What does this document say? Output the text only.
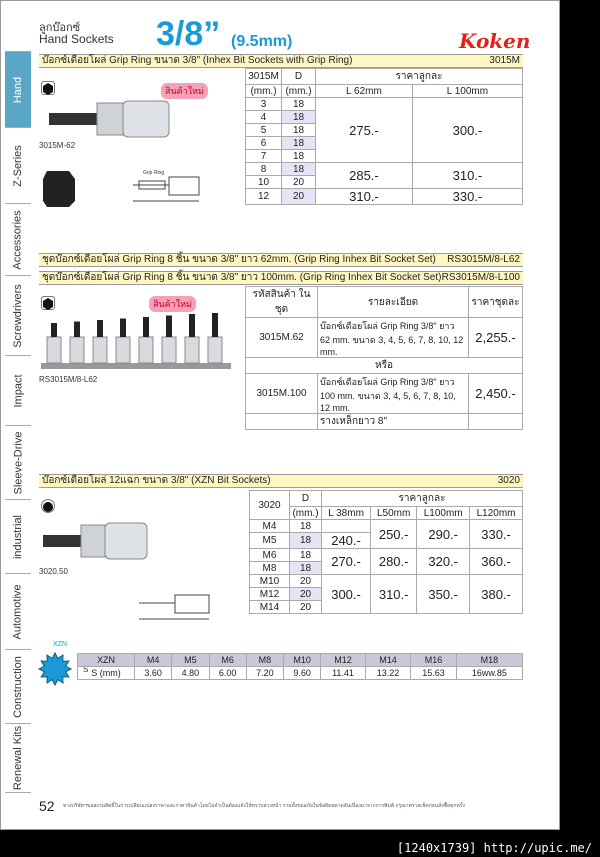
Hand
Z-Series
Accessories
Screwdrivers
Impact
Sleeve-Drive
industrial
Automotive
Construction
Renewal Kits
ลูกบ๊อกซ์
Hand Sockets 3/8” (9.5mm)	Koken
บ๊อกซ์เดือยโผล่ Grip Ring ขนาด 3/8" (Inhex Bit Sockets with Grip Ring)	3015M
สินค้าใหม่
3015M-62
Grip Ring
3015M	D	ราคาลูกละ	
(mm.)	(mm.)	L 62mm	L 100mm
3	18	275.-	300.-
4	18		
5	18		
6	18		
7	18		
8	18	285.-	310.-
10	20		
12	20	310.-	330.-
ชุดบ๊อกซ์เดือยโผล่ Grip Ring 8 ชิ้น ขนาด 3/8" ยาว 62mm. (Grip Ring Inhex Bit Socket Set) RS3015M/8-L62
ชุดบ๊อกซ์เดือยโผล่ Grip Ring 8 ชิ้น ขนาด 3/8" ยาว 100mm. (Grip Ring Inhex Bit Socket Set) RS3015M/8-L100
สินค้าใหม่
RS3015M/8-L62
รหัสสินค้า ในชุด	รายละเอียด	ราคาชุดละ
3015M.62	บ๊อกซ์เดือยโผล่ Grip Ring 3/8" ยาว 62 mm. ขนาด 3, 4, 5, 6, 7, 8, 10, 12 mm.	2,255.-
หรือ		
3015M.100	บ๊อกซ์เดือยโผล่ Grip Ring 3/8" ยาว 100 mm. ขนาด 3, 4, 5, 6, 7, 8, 10, 12 mm.	2,450.-
	รางเหล็กยาว 8"	
บ๊อกซ์เดือยโผล่ 12แฉก ขนาด 3/8" (XZN Bit Sockets)	3020
3020.50
3020	D	ราคาลูกละ			
	(mm.)	L 38mm	L50mm	L100mm	L120mm
M4	18		250.-	290.-	330.-
M5	18	240.-			
M6	18	270.-	280.-	320.-	360.-
M8	18				
M10	20	300.-	310.-	350.-	380.-
M12	20				
M14	20				
XZN
S
XZN	M4	M5	M6	M8	M10	M12	M14	M16	M18
S (mm)	3.60	4.80	6.00	7.20	9.60	11.41	13.22	15.63	16ww.85
52 ทางบริษัทฯขอสงวนสิทธิ์ในการเปลี่ยนแปลงราคาและราคาสินค้าโดยไม่จำเป็นต้องแจ้งให้ทราบล่วงหน้า รวมทั้งขออภัยในข้อผิดพลาดอันเนื่องมาจากการพิมพ์ กรุณาตรวจเช็คก่อนสั่งซื้อทุกครั้ง
[1240x1739] http://upic.me/
